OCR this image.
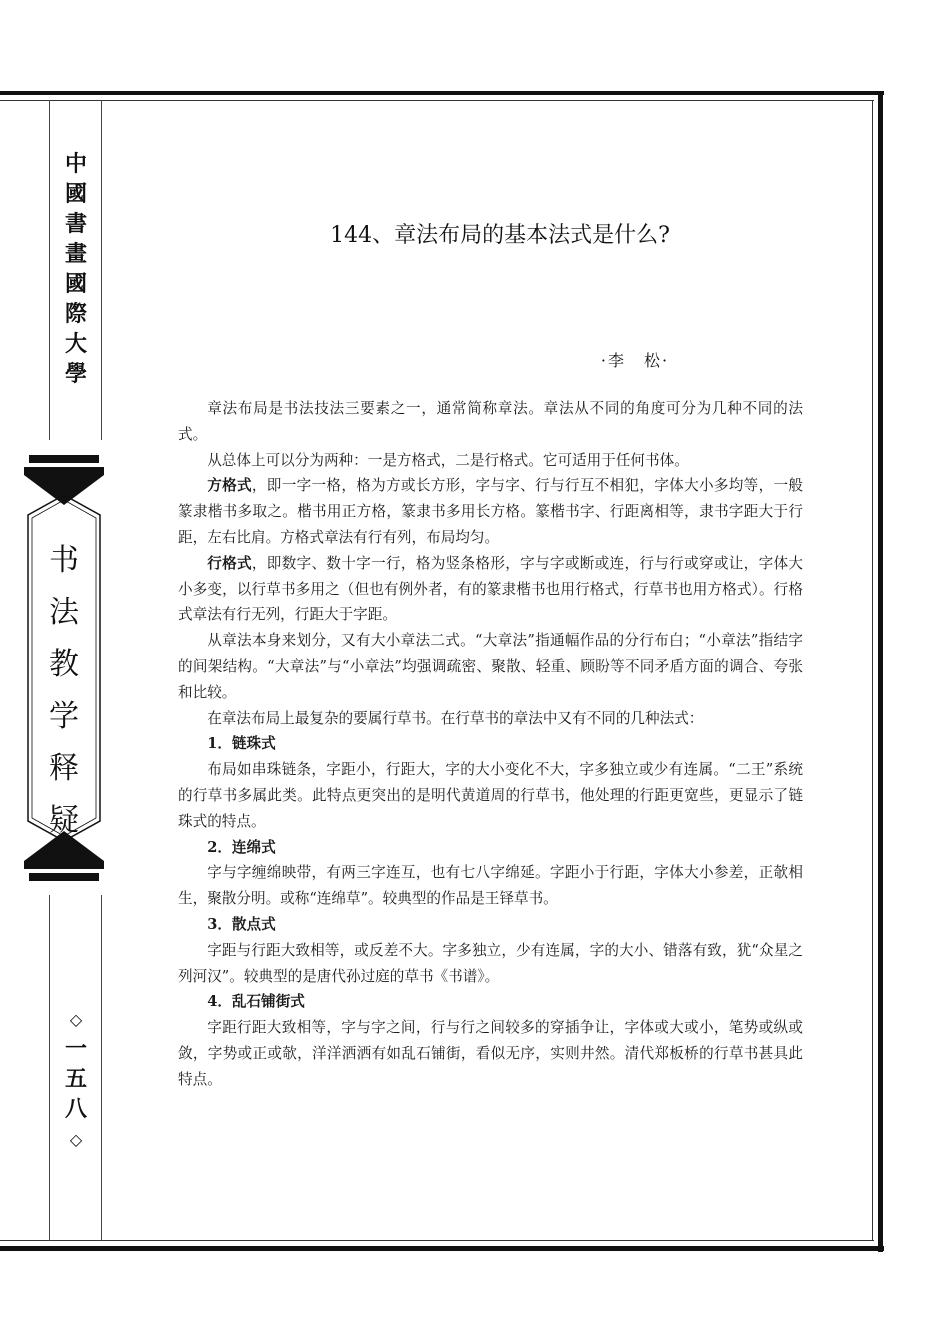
中
國
書
畫
國
際
大
學
书
法
教
学
释
疑
◇
一
五
八
◇
144、章法布局的基本法式是什么?
·李　松·

章法布局是书法技法三要素之一，通常简称章法。章法从不同的角度可分为几种不同的法式。

从总体上可以分为两种：一是方格式，二是行格式。它可适用于任何书体。

方格式，即一字一格，格为方或长方形，字与字、行与行互不相犯，字体大小多均等，一般篆隶楷书多取之。楷书用正方格，篆隶书多用长方格。篆楷书字、行距离相等，隶书字距大于行距，左右比肩。方格式章法有行有列，布局均匀。

行格式，即数字、数十字一行，格为竖条格形，字与字或断或连，行与行或穿或让，字体大小多变，以行草书多用之（但也有例外者，有的篆隶楷书也用行格式，行草书也用方格式）。行格式章法有行无列，行距大于字距。

从章法本身来划分，又有大小章法二式。“大章法”指通幅作品的分行布白；“小章法”指结字的间架结构。“大章法”与“小章法”均强调疏密、聚散、轻重、顾盼等不同矛盾方面的调合、夸张和比较。

在章法布局上最复杂的要属行草书。在行草书的章法中又有不同的几种法式：

1．链珠式

布局如串珠链条，字距小，行距大，字的大小变化不大，字多独立或少有连属。“二王”系统的行草书多属此类。此特点更突出的是明代黄道周的行草书，他处理的行距更宽些，更显示了链珠式的特点。

2．连绵式

字与字缠绵映带，有两三字连互，也有七八字绵延。字距小于行距，字体大小参差，正欹相生，聚散分明。或称“连绵草”。较典型的作品是王铎草书。

3．散点式

字距与行距大致相等，或反差不大。字多独立，少有连属，字的大小、错落有致，犹“众星之列河汉”。较典型的是唐代孙过庭的草书《书谱》。

4．乱石铺街式

字距行距大致相等，字与字之间，行与行之间较多的穿插争让，字体或大或小，笔势或纵或敛，字势或正或欹，洋洋洒洒有如乱石铺街，看似无序，实则井然。清代郑板桥的行草书甚具此特点。
